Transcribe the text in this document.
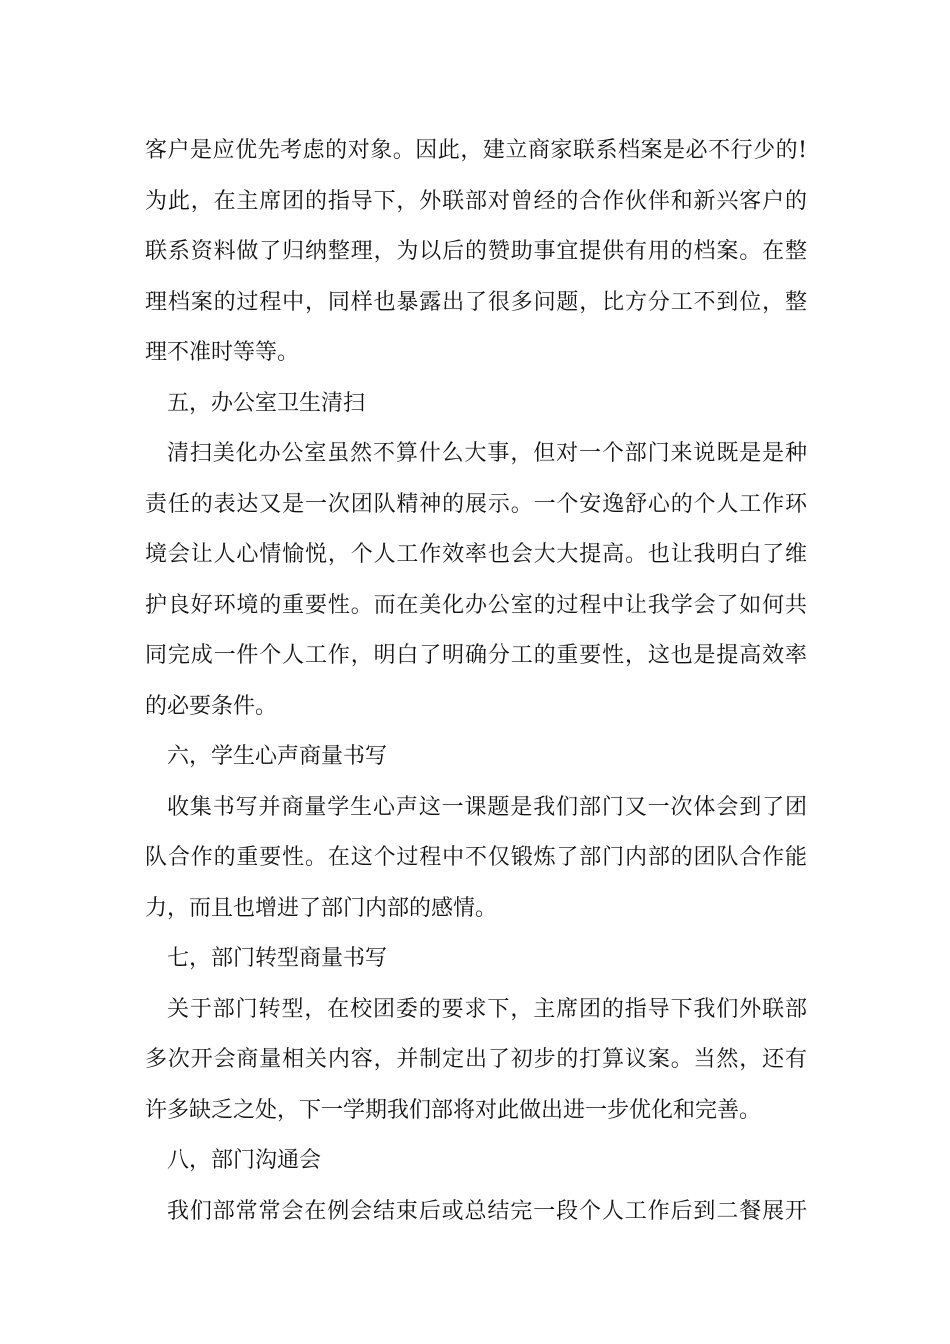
客户是应优先考虑的对象。因此，建立商家联系档案是必不行少的!
为此，在主席团的指导下，外联部对曾经的合作伙伴和新兴客户的
联系资料做了归纳整理，为以后的赞助事宜提供有用的档案。在整
理档案的过程中，同样也暴露出了很多问题，比方分工不到位，整
理不准时等等。
五，办公室卫生清扫
清扫美化办公室虽然不算什么大事，但对一个部门来说既是是种
责任的表达又是一次团队精神的展示。一个安逸舒心的个人工作环
境会让人心情愉悦，个人工作效率也会大大提高。也让我明白了维
护良好环境的重要性。而在美化办公室的过程中让我学会了如何共
同完成一件个人工作，明白了明确分工的重要性，这也是提高效率
的必要条件。
六，学生心声商量书写
收集书写并商量学生心声这一课题是我们部门又一次体会到了团
队合作的重要性。在这个过程中不仅锻炼了部门内部的团队合作能
力，而且也增进了部门内部的感情。
七，部门转型商量书写
关于部门转型，在校团委的要求下，主席团的指导下我们外联部
多次开会商量相关内容，并制定出了初步的打算议案。当然，还有
许多缺乏之处，下一学期我们部将对此做出进一步优化和完善。
八，部门沟通会
我们部常常会在例会结束后或总结完一段个人工作后到二餐展开
